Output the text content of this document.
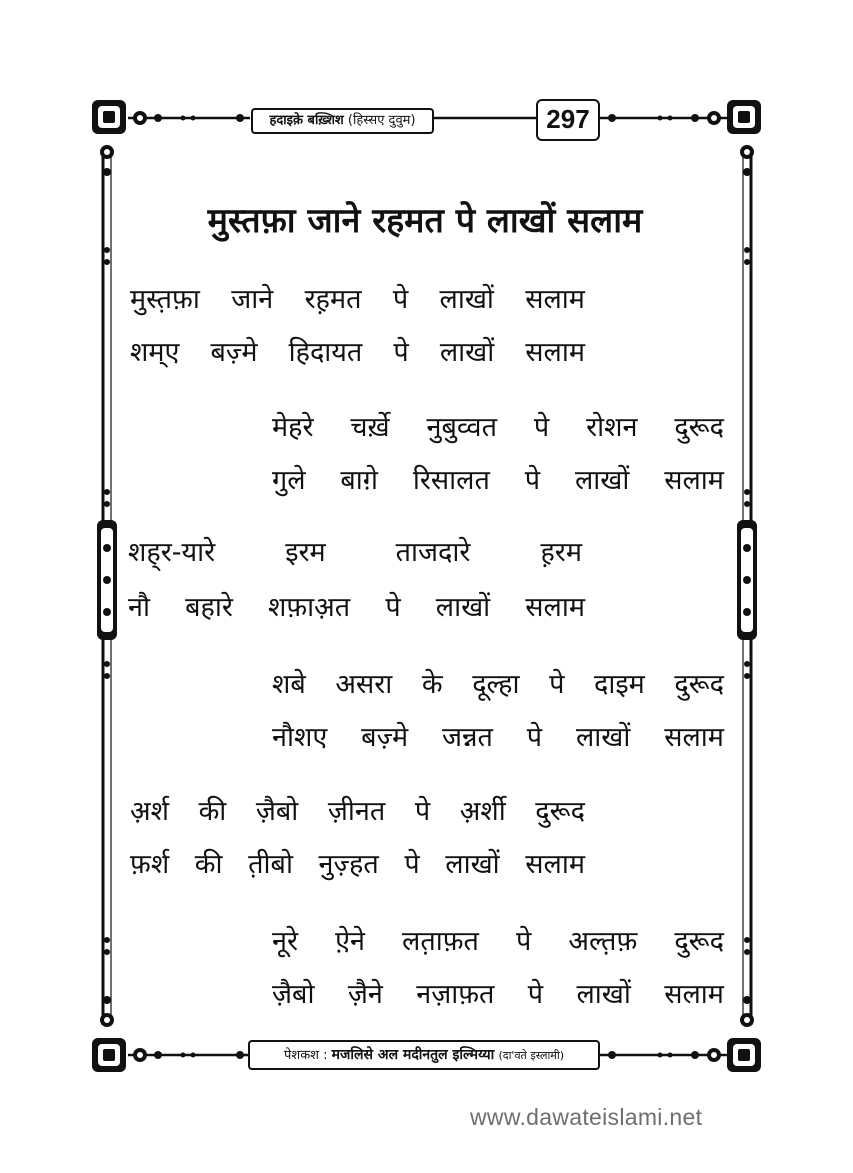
हदाइक़े बख़्शिश (हिस्सए दुवुम)	297
मुस्तफ़ा जाने रहमत पे लाखों सलाम
मुस्त़फ़ा जाने रह़मत पे लाखों सलाम
शम्ए बज़्मे हिदायत पे लाखों सलाम
मेहरे चर्ख़े नुबुव्वत पे रोशन दुरूद
गुले बाग़े रिसालत पे लाखों सलाम
शह्‌र-यारे	इरम	ताजदारे	ह़रम
नौ बहारे शफ़ाअ़त पे लाखों सलाम
शबे असरा के दूल्हा पे दाइम दुरूद
नौशए बज़्मे जन्नत पे लाखों सलाम
अ़र्श की ज़ैबो ज़ीनत पे अ़र्शी दुरूद
फ़र्श की त़ीबो नुज़्हत पे लाखों सलाम
नूरे ऐ़ने लत़ाफ़त पे अल्त़फ़ दुरूद
ज़ैबो ज़ैने नज़ाफ़त पे लाखों सलाम
पेशकश : मजलिसे अल मदीनतुल इल्मिय्या (दा'वते इस्लामी)
www.dawateislami.net
